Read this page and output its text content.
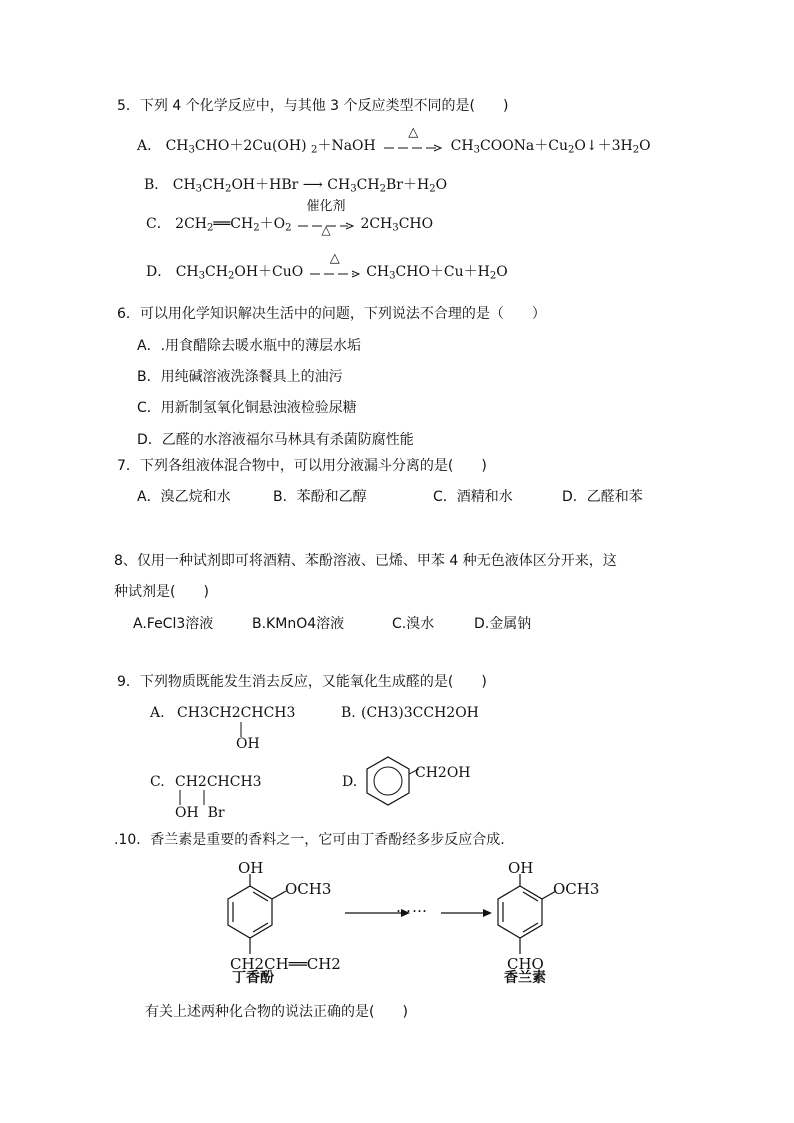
5．下列 4 个化学反应中，与其他 3 个反应类型不同的是(　　)
A． $CH_3CHO+2Cu(OH)$ $_2$＋NaOH
△
$CH_3COONa+Cu_2O↓+3H_2O$
B． $CH_3CH_2OH+HBr$ ⟶ $CH_3CH_2Br+H_2O$
C． $2CH_2══CH_2+O_2$
催化剂
△	$2CH_3CHO$
D． $CH_3CH_2OH+CuO$
△
$CH_3CHO+Cu+H_2O$
6．可以用化学知识解决生活中的问题，下列说法不合理的是（　　）
A．.用食醋除去暖水瓶中的薄层水垢
B．用纯碱溶液洗涤餐具上的油污
C．用新制氢氧化铜悬浊液检验尿糖
D．乙醛的水溶液福尔马林具有杀菌防腐性能
7．下列各组液体混合物中，可以用分液漏斗分离的是(　　)
A．溴乙烷和水	B．苯酚和乙醇	C．酒精和水	D．乙醛和苯
8、仅用一种试剂即可将酒精、苯酚溶液、已烯、甲苯 4 种无色液体区分开来，这
种试剂是(　　)
A.FeCl3溶液	B.KMnO4溶液	C.溴水	D.金属钠
9．下列物质既能发生消去反应，又能氧化生成醛的是(　　)
A. CH3CH2CHCH3
OH
B. (CH3)3CCH2OH
C. CH2CHCH3
OH  Br
D.
CH2OH
.10．香兰素是重要的香料之一，它可由丁香酚经多步反应合成.
OH
OCH3
CH2CH══CH2
丁香酚
……
OH
OCH3
CHO
香兰素
有关上述两种化合物的说法正确的是(　　)
